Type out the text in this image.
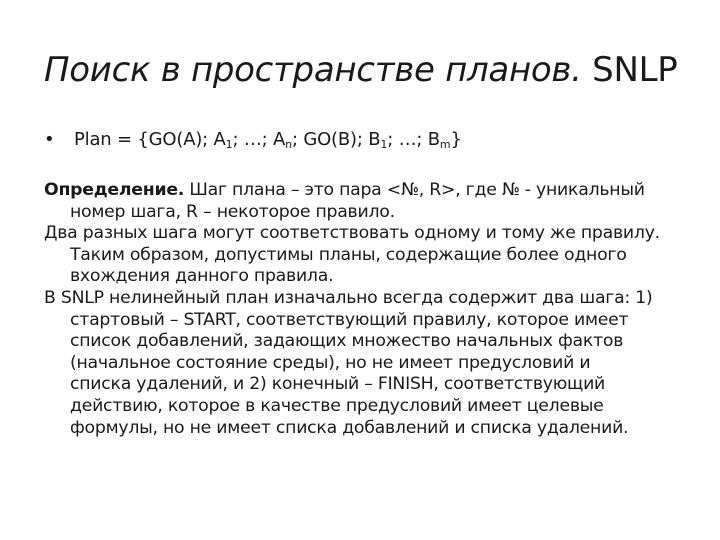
Поиск в пространстве планов. SNLP
• Plan = {GO(A); $A_1$; …; $A_n$; GO(B); $B_1$; …; $B_m$}

Определение. Шаг плана – это пара <№, R>, где № - уникальный
номер шага, R – некоторое правило.

Два разных шага могут соответствовать одному и тому же правилу.
Таким образом, допустимы планы, содержащие более одного
вхождения данного правила.

В SNLP нелинейный план изначально всегда содержит два шага: 1)
стартовый – START, соответствующий правилу, которое имеет
список добавлений, задающих множество начальных фактов
(начальное состояние среды), но не имеет предусловий и
списка удалений, и 2) конечный – FINISH, соответствующий
действию, которое в качестве предусловий имеет целевые
формулы, но не имеет списка добавлений и списка удалений.
